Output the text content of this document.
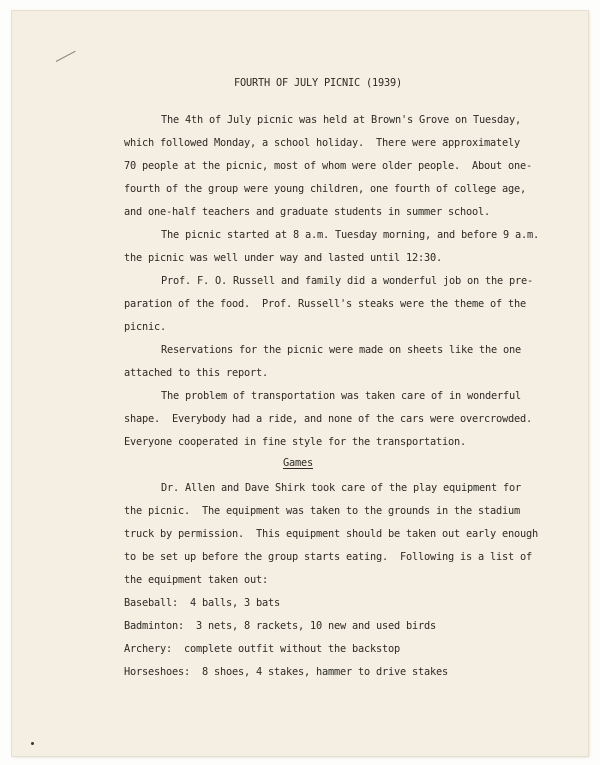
FOURTH OF JULY PICNIC (1939)

The 4th of July picnic was held at Brown's Grove on Tuesday,

which followed Monday, a school holiday.  There were approximately

70 people at the picnic, most of whom were older people.  About one-

fourth of the group were young children, one fourth of college age,

and one-half teachers and graduate students in summer school.

The picnic started at 8 a.m. Tuesday morning, and before 9 a.m.

the picnic was well under way and lasted until 12:30.

Prof. F. O. Russell and family did a wonderful job on the pre-

paration of the food.  Prof. Russell's steaks were the theme of the

picnic.

Reservations for the picnic were made on sheets like the one

attached to this report.

The problem of transportation was taken care of in wonderful

shape.  Everybody had a ride, and none of the cars were overcrowded.

Everyone cooperated in fine style for the transportation.

Games

Dr. Allen and Dave Shirk took care of the play equipment for

the picnic.  The equipment was taken to the grounds in the stadium

truck by permission.  This equipment should be taken out early enough

to be set up before the group starts eating.  Following is a list of

the equipment taken out:

Baseball:  4 balls, 3 bats

Badminton:  3 nets, 8 rackets, 10 new and used birds

Archery:  complete outfit without the backstop

Horseshoes:  8 shoes, 4 stakes, hammer to drive stakes
